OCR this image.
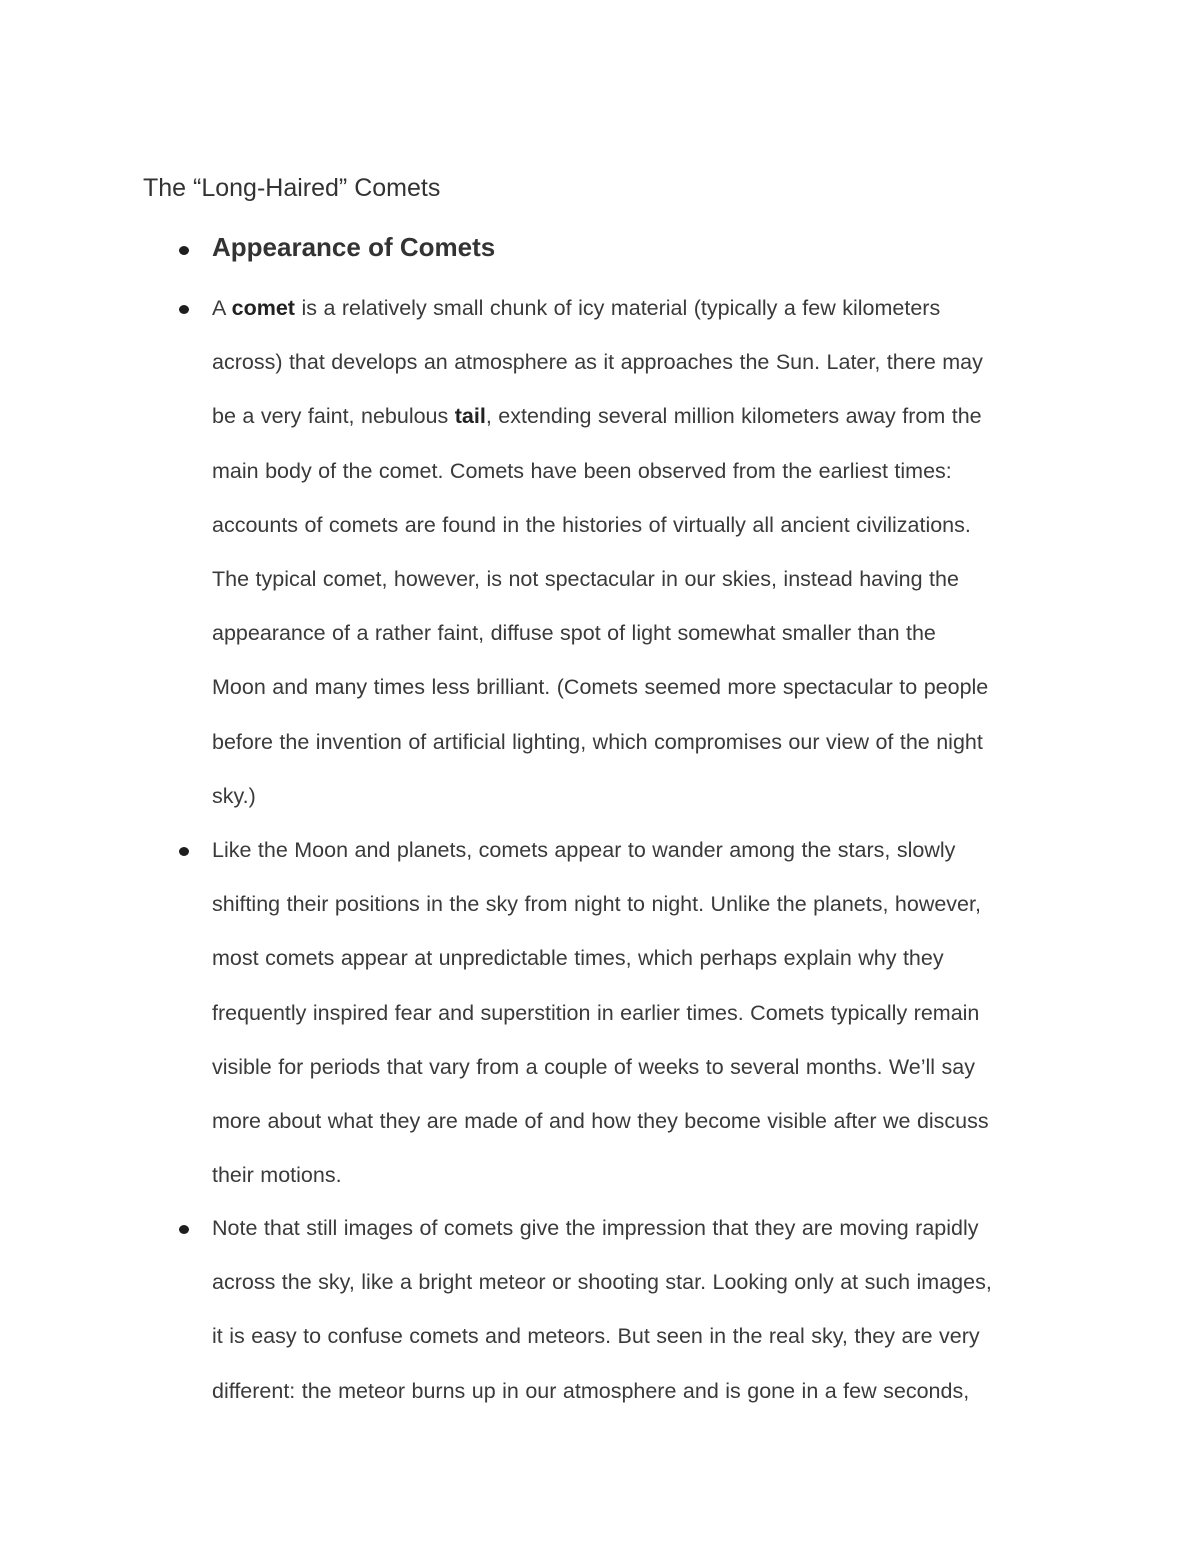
The “Long-Haired” Comets
Appearance of Comets

A comet is a relatively small chunk of icy material (typically a few kilometers
across) that develops an atmosphere as it approaches the Sun. Later, there may
be a very faint, nebulous tail, extending several million kilometers away from the
main body of the comet. Comets have been observed from the earliest times:
accounts of comets are found in the histories of virtually all ancient civilizations.
The typical comet, however, is not spectacular in our skies, instead having the
appearance of a rather faint, diffuse spot of light somewhat smaller than the
Moon and many times less brilliant. (Comets seemed more spectacular to people
before the invention of artificial lighting, which compromises our view of the night
sky.)

Like the Moon and planets, comets appear to wander among the stars, slowly
shifting their positions in the sky from night to night. Unlike the planets, however,
most comets appear at unpredictable times, which perhaps explain why they
frequently inspired fear and superstition in earlier times. Comets typically remain
visible for periods that vary from a couple of weeks to several months. We’ll say
more about what they are made of and how they become visible after we discuss
their motions.

Note that still images of comets give the impression that they are moving rapidly
across the sky, like a bright meteor or shooting star. Looking only at such images,
it is easy to confuse comets and meteors. But seen in the real sky, they are very
different: the meteor burns up in our atmosphere and is gone in a few seconds,
